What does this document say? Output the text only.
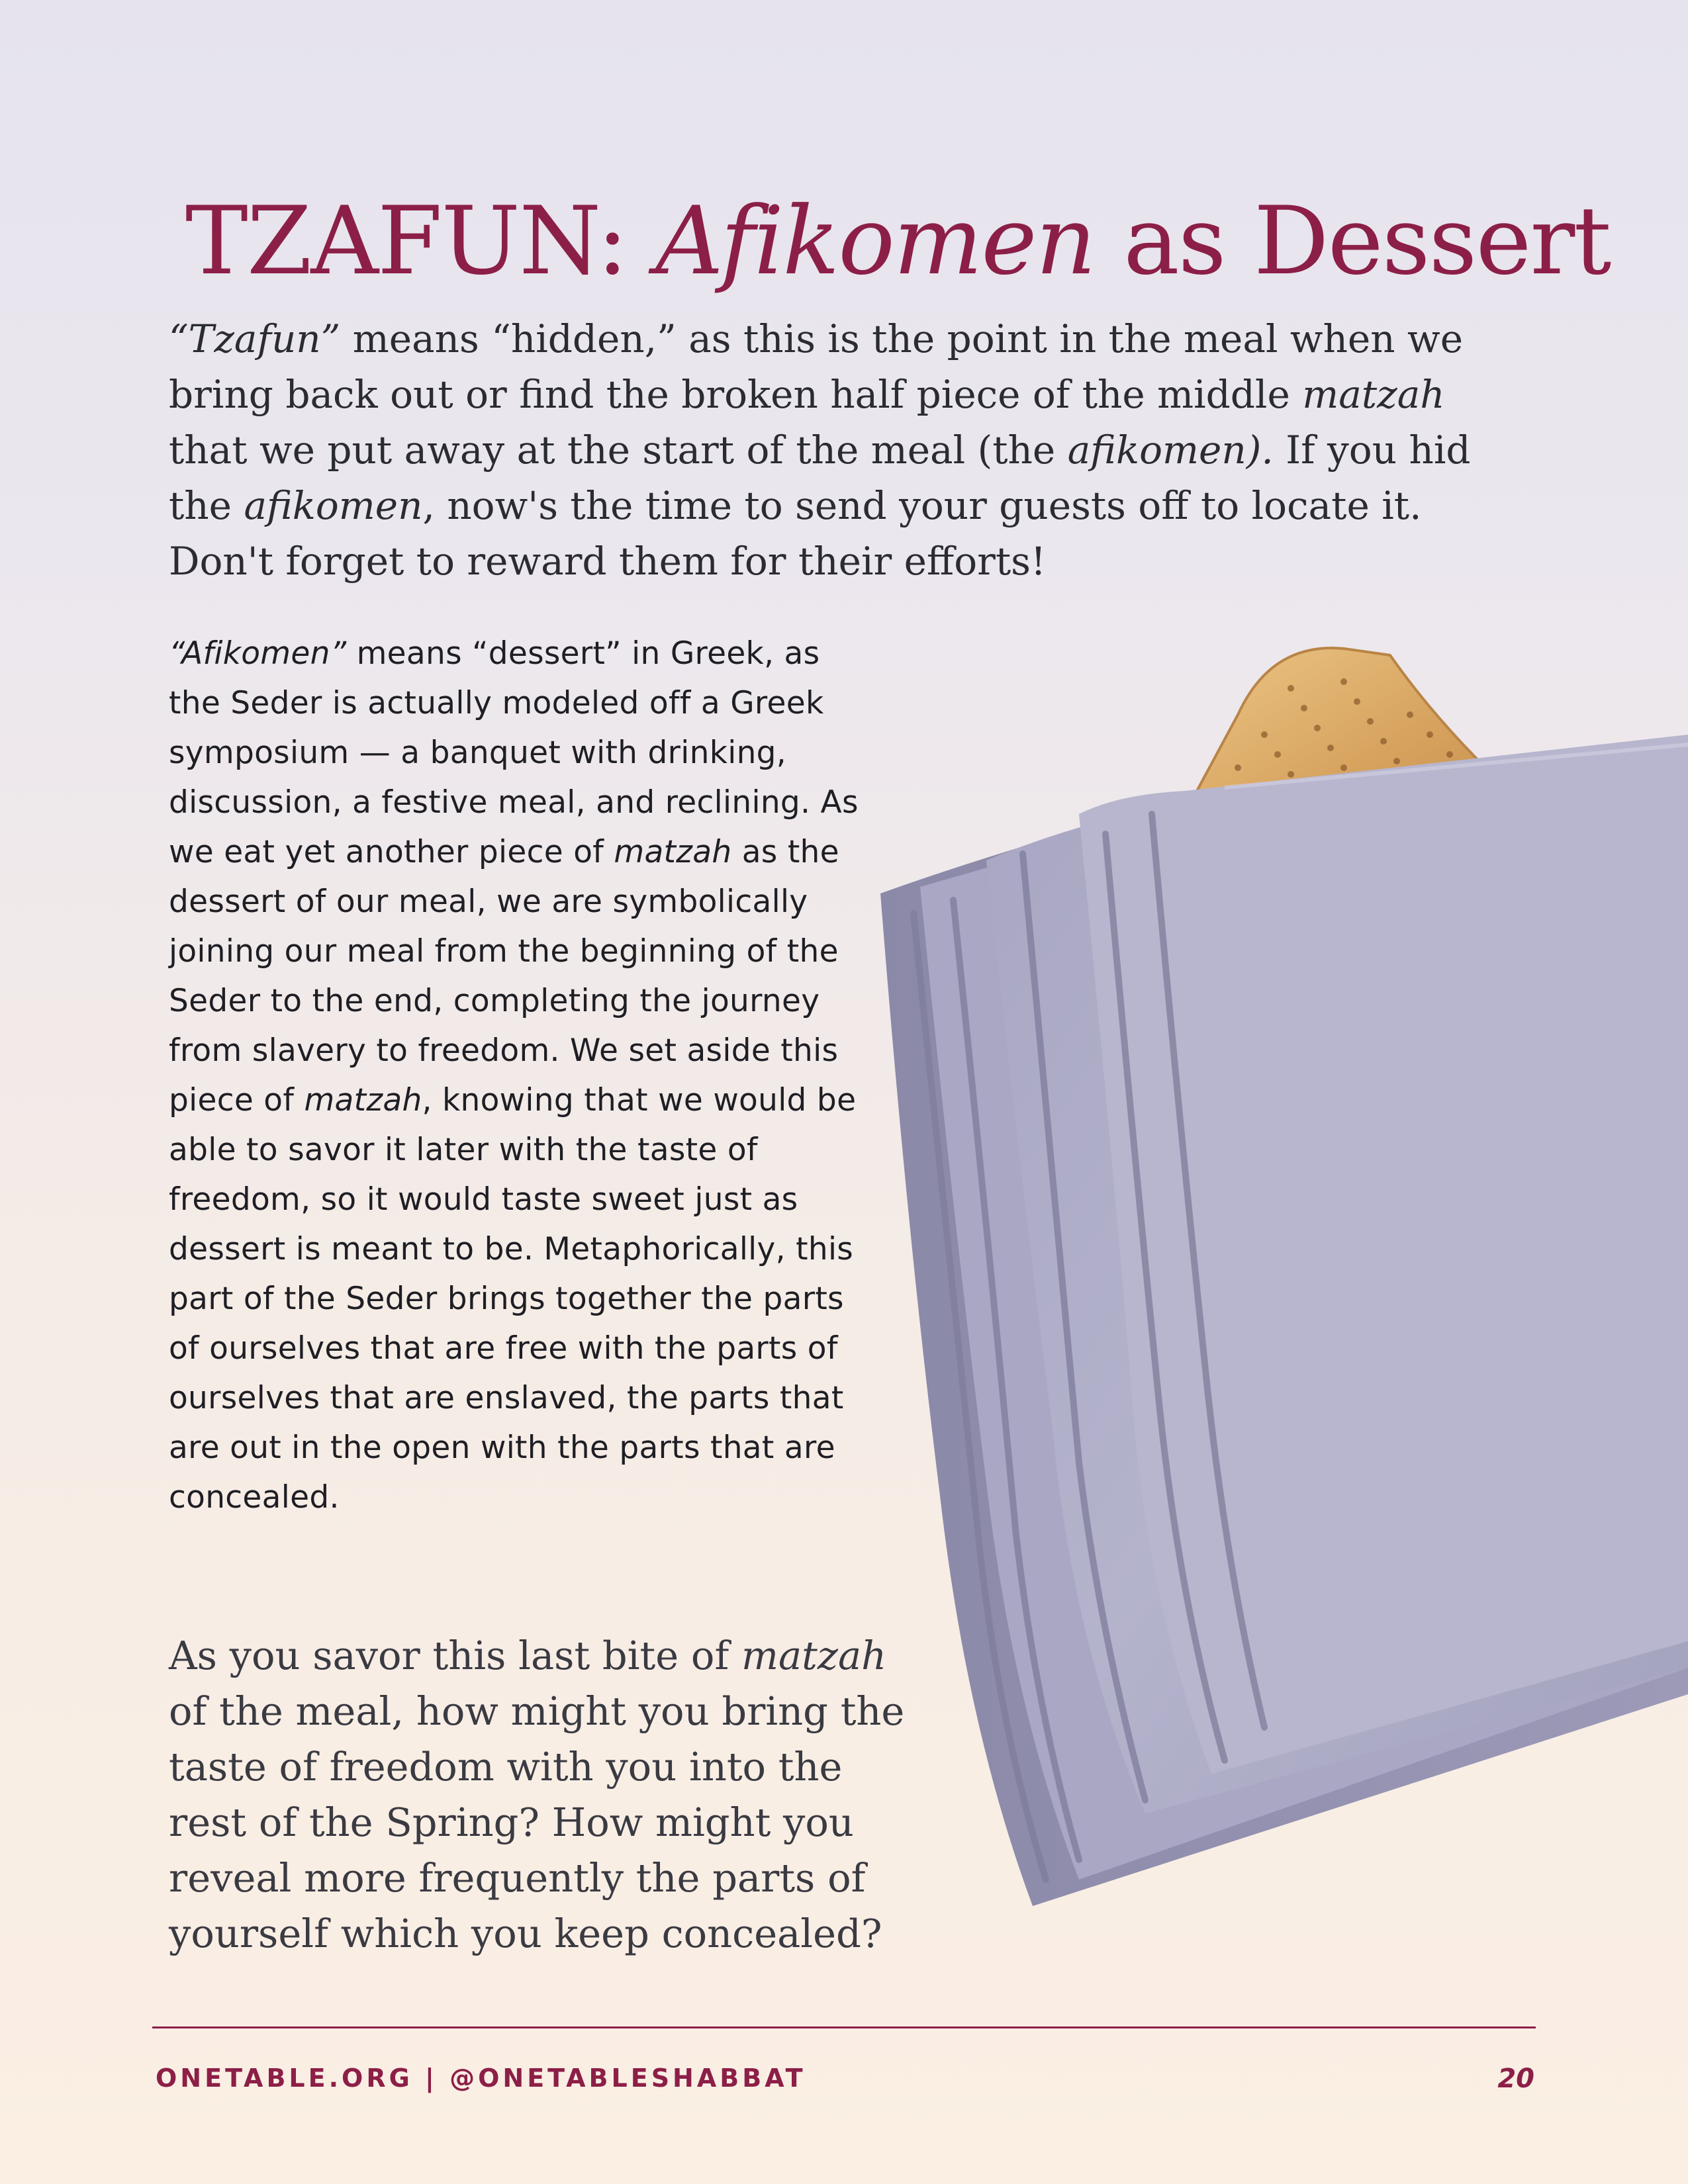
TZAFUN: Afikomen as Dessert

“Tzafun” means “hidden,” as this is the point in the meal when we bring back out or find the broken half piece of the middle matzah that we put away at the start of the meal (the afikomen). If you hid the afikomen, now's the time to send your guests off to locate it. Don't forget to reward them for their efforts!

“Afikomen” means “dessert” in Greek, as the Seder is actually modeled off a Greek symposium — a banquet with drinking, discussion, a festive meal, and reclining. As we eat yet another piece of matzah as the dessert of our meal, we are symbolically joining our meal from the beginning of the Seder to the end, completing the journey from slavery to freedom. We set aside this piece of matzah, knowing that we would be able to savor it later with the taste of freedom, so it would taste sweet just as dessert is meant to be. Metaphorically, this part of the Seder brings together the parts of ourselves that are free with the parts of ourselves that are enslaved, the parts that are out in the open with the parts that are concealed.

As you savor this last bite of matzah of the meal, how might you bring the taste of freedom with you into the rest of the Spring? How might you reveal more frequently the parts of yourself which you keep concealed?

ONETABLE.ORG | @ONETABLESHABBAT	20
